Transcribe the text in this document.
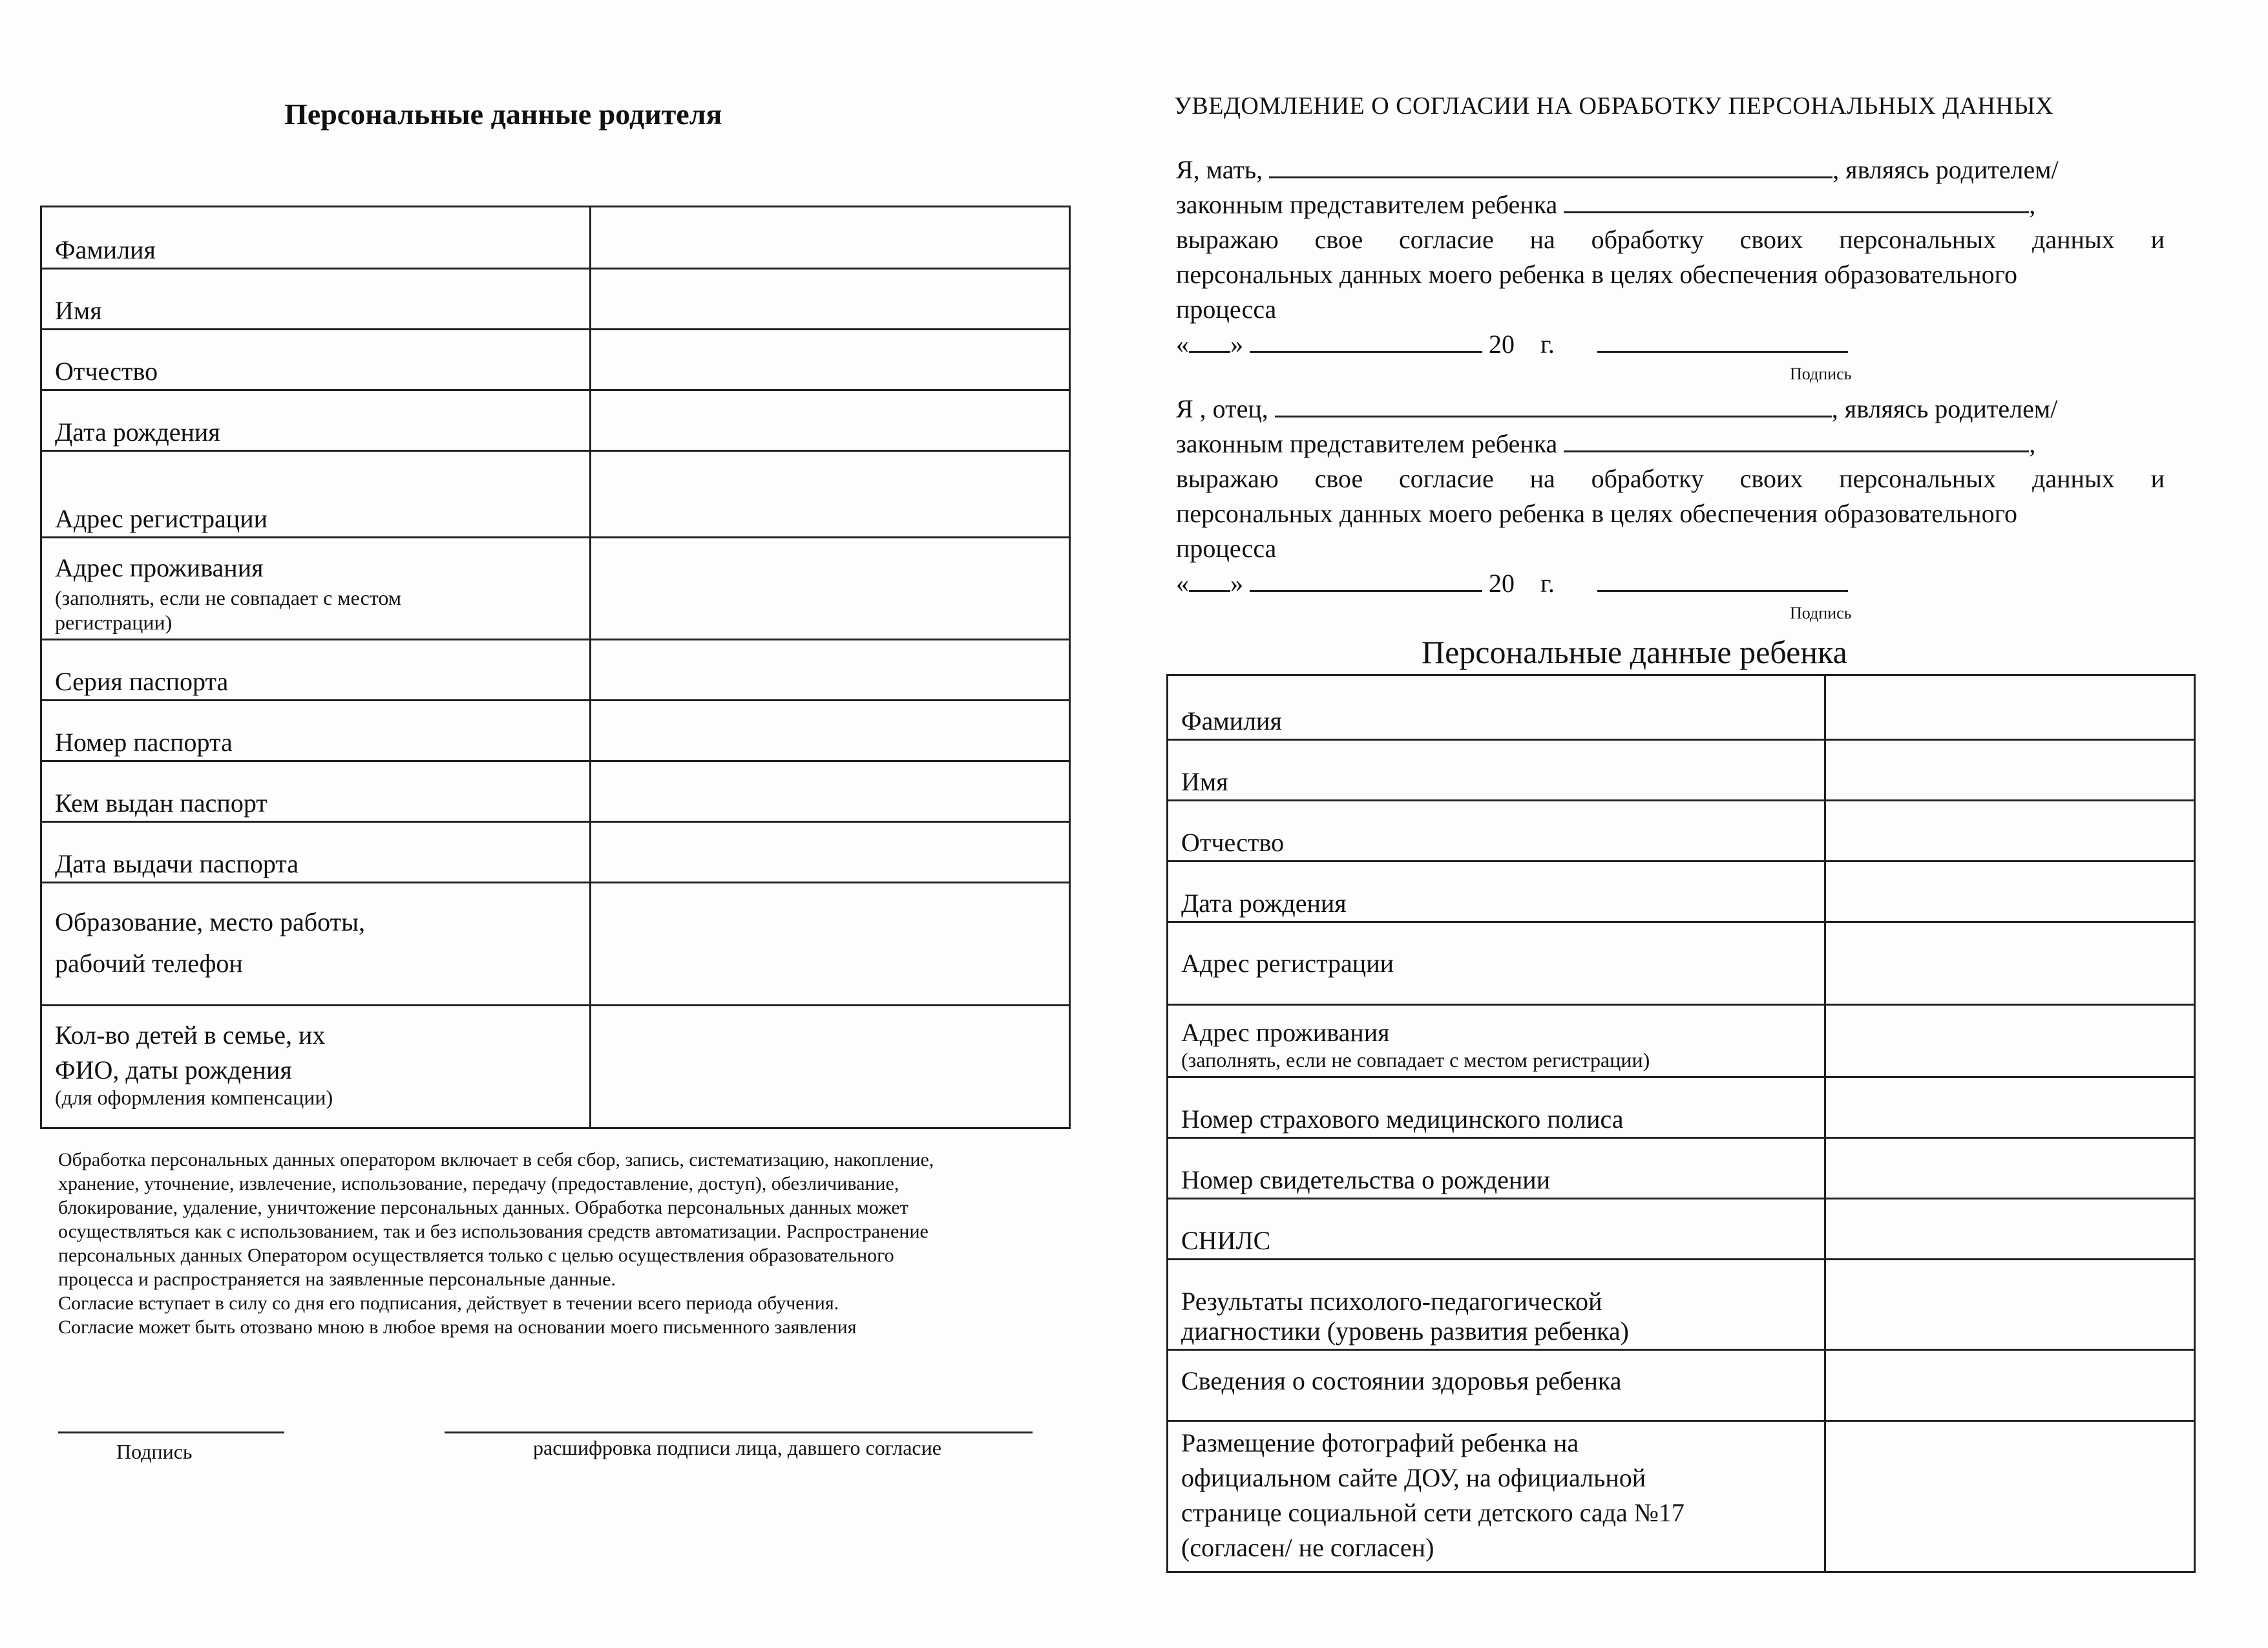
Персональные данные родителя
Фамилия	

Имя	

Отчество	

Дата рождения	

Адрес регистрации	

Адрес проживания
(заполнять, если не совпадает с местом регистрации)	

Серия паспорта	

Номер паспорта	

Кем выдан паспорт	

Дата выдачи паспорта	

Образование, место работы,
рабочий телефон	

Кол-во детей в семье, их
ФИО, даты рождения
(для оформления компенсации)	

Обработка персональных данных оператором включает в себя сбор, запись, систематизацию, накопление,
хранение, уточнение, извлечение, использование, передачу (предоставление, доступ), обезличивание,
блокирование, удаление, уничтожение персональных данных. Обработка персональных данных может
осуществляться как с использованием, так и без использования средств автоматизации. Распространение
персональных данных Оператором осуществляется только с целью осуществления образовательного
процесса и распространяется на заявленные персональные данные.
Согласие вступает в силу со дня его подписания, действует в течении всего периода обучения.
Согласие может быть отозвано мною в любое время на основании моего письменного заявления
Подпись	расшифровка подписи лица, давшего согласие
УВЕДОМЛЕНИЕ О СОГЛАСИИ НА ОБРАБОТКУ ПЕРСОНАЛЬНЫХ ДАННЫХ
Я, мать,	, являясь родителем/
законным представителем ребенка	,
выражаю свое согласие на обработку своих персональных данных и
персональных данных моего ребенка в целях обеспечения образовательного
процесса
« »	20 г.
Подпись
Я , отец,	, являясь родителем/
законным представителем ребенка	,
выражаю свое согласие на обработку своих персональных данных и
персональных данных моего ребенка в целях обеспечения образовательного
процесса
« »	20 г.
Подпись
Персональные данные ребенка
Фамилия	

Имя	

Отчество	

Дата рождения	

Адрес регистрации	

Адрес проживания
(заполнять, если не совпадает с местом регистрации)	

Номер страхового медицинского полиса	

Номер свидетельства о рождении	

СНИЛС	

Результаты психолого-педагогической
диагностики (уровень развития ребенка)	

Сведения о состоянии здоровья ребенка	

Размещение фотографий ребенка на
официальном сайте ДОУ, на официальной
странице социальной сети детского сада №17
(согласен/ не согласен)	
